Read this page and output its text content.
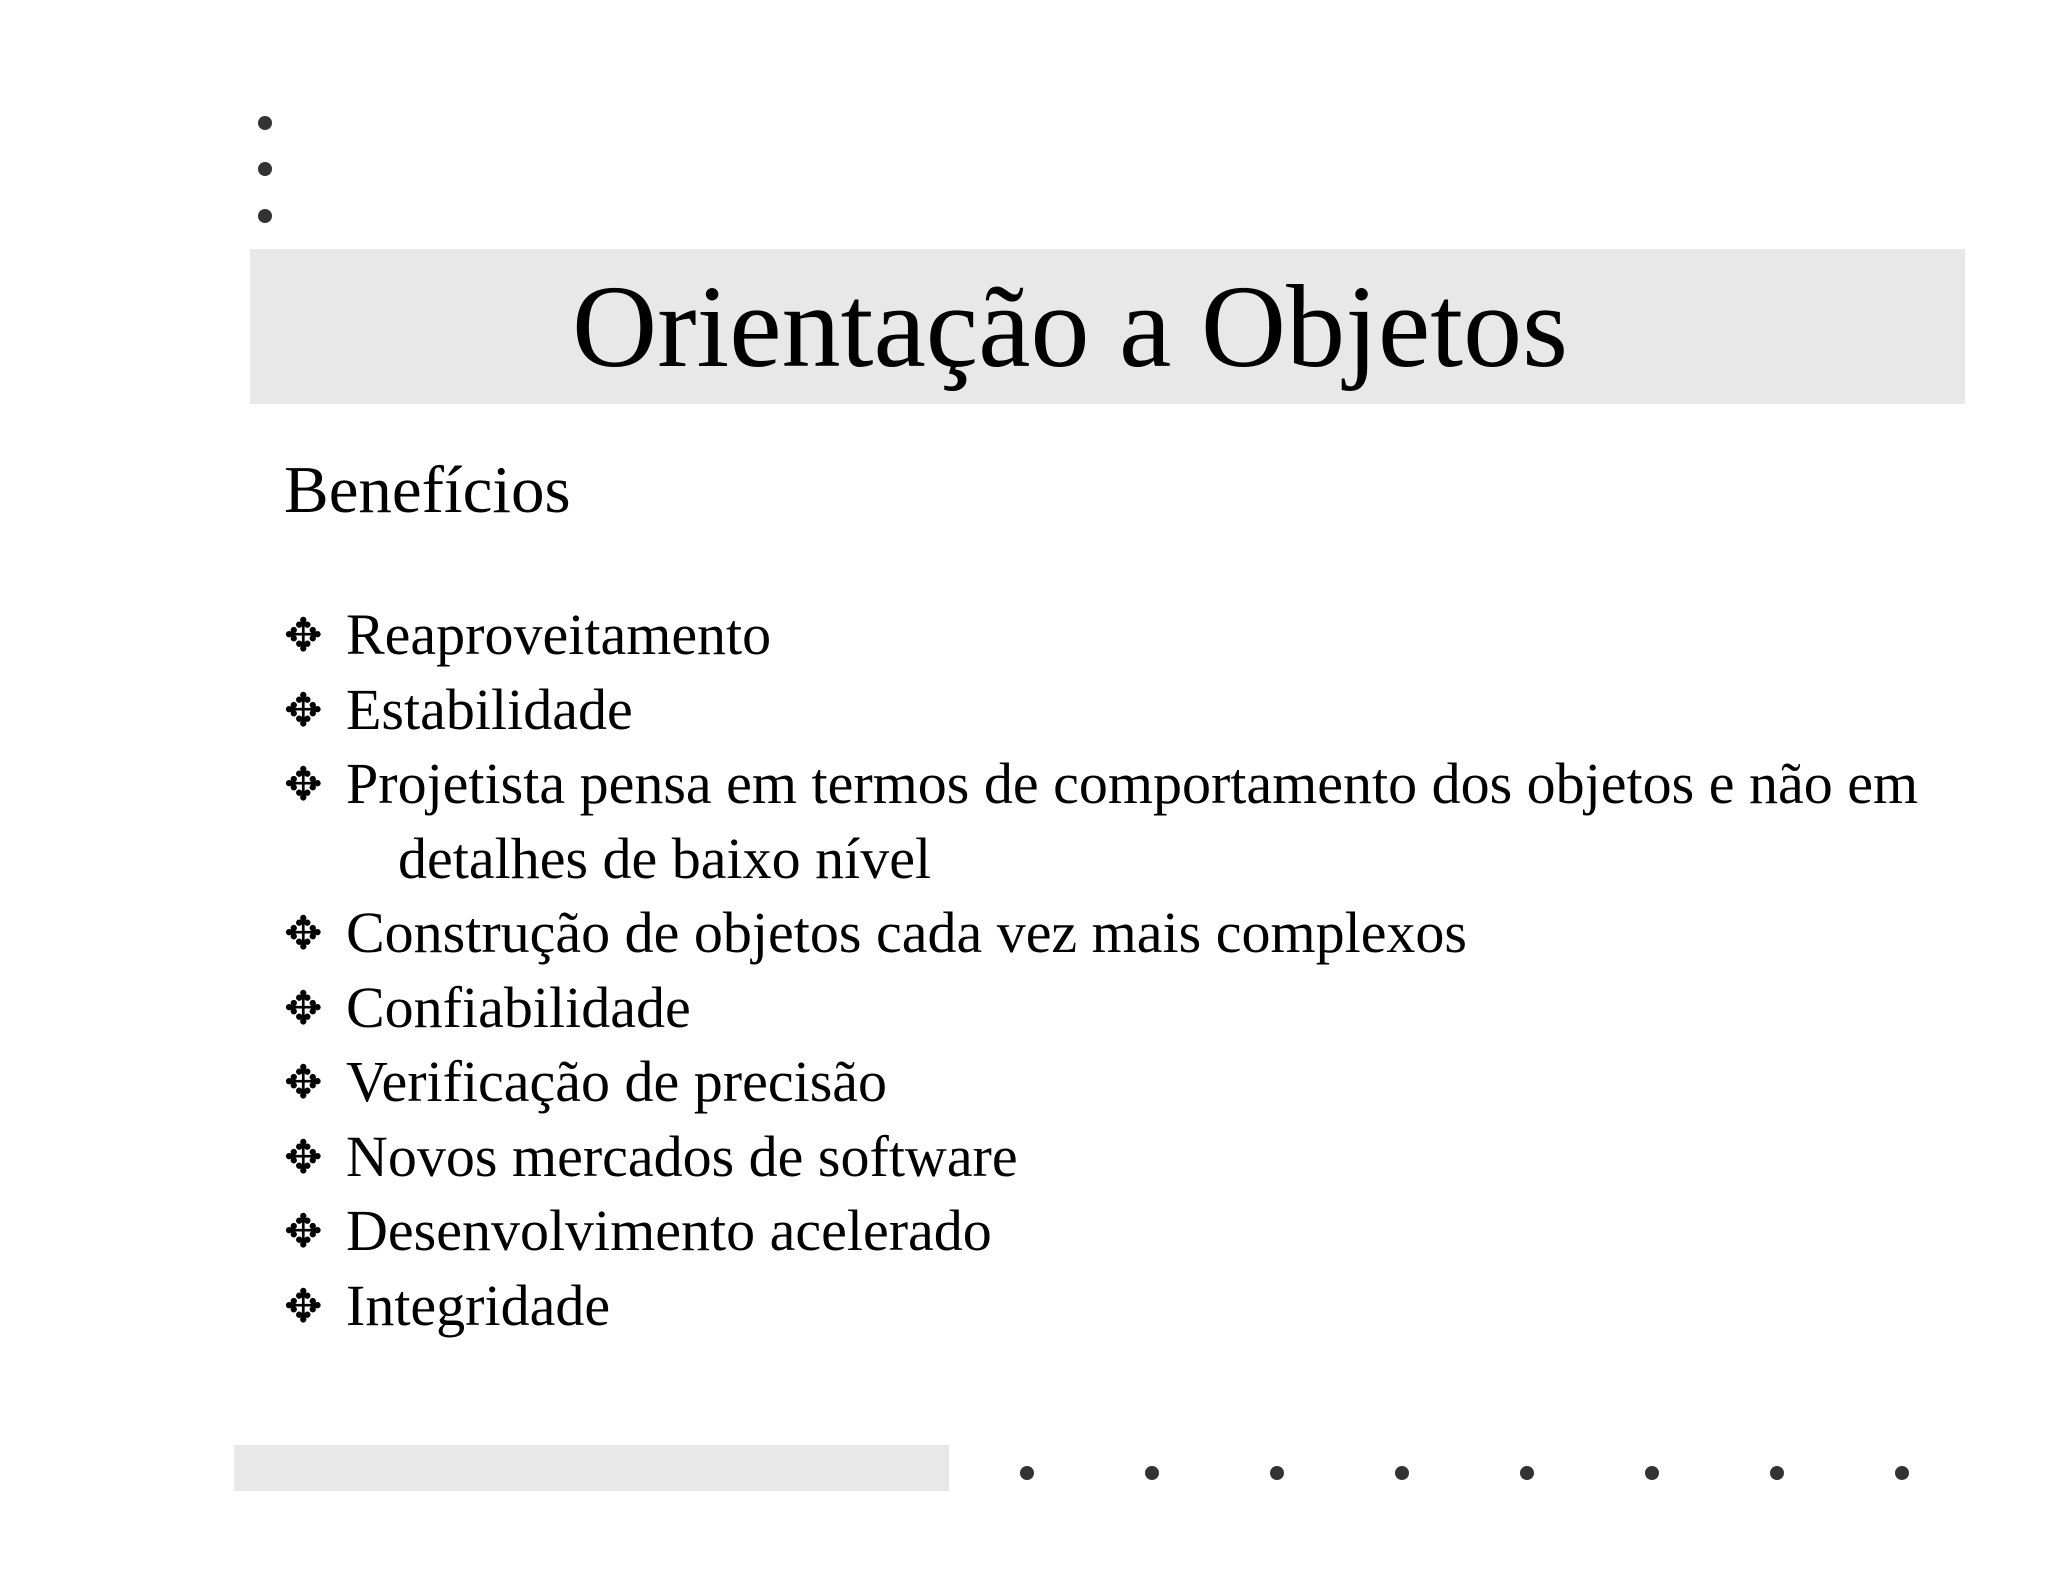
Orientação a Objetos
Benefícios
✥ Reaproveitamento
✥ Estabilidade
✥ Projetista pensa em termos de comportamento dos objetos e não em detalhes de baixo nível
✥ Construção de objetos cada vez mais complexos
✥ Confiabilidade
✥ Verificação de precisão
✥ Novos mercados de software
✥ Desenvolvimento acelerado
✥ Integridade
